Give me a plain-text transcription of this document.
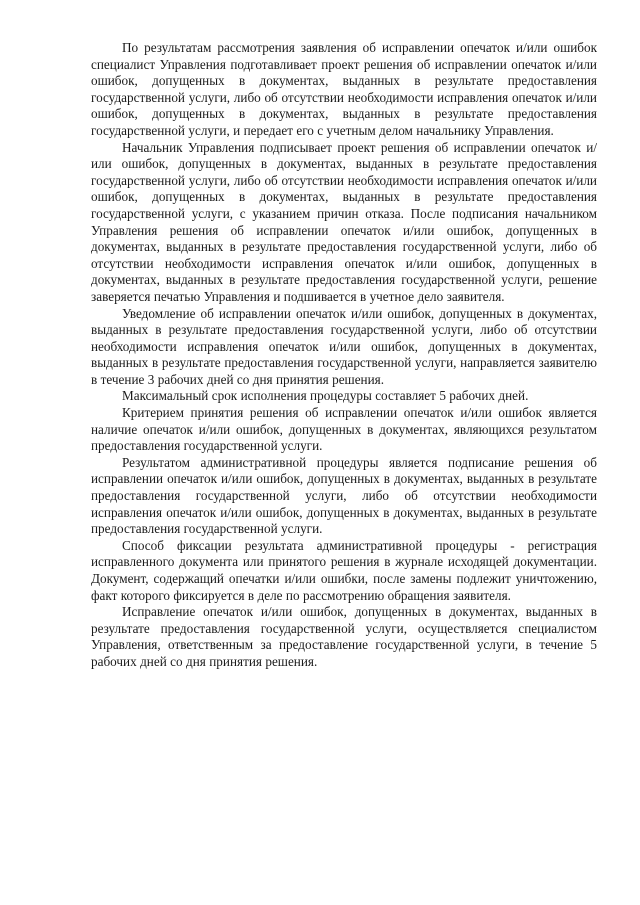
По результатам рассмотрения заявления об исправлении опечаток и/или ошибок специалист Управления подготавливает проект решения об исправлении опечаток и/или ошибок, допущенных в документах, выданных в результате предоставления государственной услуги, либо об отсутствии необходимости исправления опечаток и/или ошибок, допущенных в документах, выданных в результате предоставления государственной услуги, и передает его с учетным делом начальнику Управления.

Начальник Управления подписывает проект решения об исправлении опечаток и/или ошибок, допущенных в документах, выданных в результате предоставления государственной услуги, либо об отсутствии необходимости исправления опечаток и/или ошибок, допущенных в документах, выданных в результате предоставления государственной услуги, с указанием причин отказа. После подписания начальником Управления решения об исправлении опечаток и/или ошибок, допущенных в документах, выданных в результате предоставления государственной услуги, либо об отсутствии необходимости исправления опечаток и/или ошибок, допущенных в документах, выданных в результате предоставления государственной услуги, решение заверяется печатью Управления и подшивается в учетное дело заявителя.

Уведомление об исправлении опечаток и/или ошибок, допущенных в документах, выданных в результате предоставления государственной услуги, либо об отсутствии необходимости исправления опечаток и/или ошибок, допущенных в документах, выданных в результате предоставления государственной услуги, направляется заявителю в течение 3 рабочих дней со дня принятия решения.

Максимальный срок исполнения процедуры составляет 5 рабочих дней.

Критерием принятия решения об исправлении опечаток и/или ошибок является наличие опечаток и/или ошибок, допущенных в документах, являющихся результатом предоставления государственной услуги.

Результатом административной процедуры является подписание решения об исправлении опечаток и/или ошибок, допущенных в документах, выданных в результате предоставления государственной услуги, либо об отсутствии необходимости исправления опечаток и/или ошибок, допущенных в документах, выданных в результате предоставления государственной услуги.

Способ фиксации результата административной процедуры - регистрация исправленного документа или принятого решения в журнале исходящей документации. Документ, содержащий опечатки и/или ошибки, после замены подлежит уничтожению, факт которого фиксируется в деле по рассмотрению обращения заявителя.

Исправление опечаток и/или ошибок, допущенных в документах, выданных в результате предоставления государственной услуги, осуществляется специалистом Управления, ответственным за предоставление государственной услуги, в течение 5 рабочих дней со дня принятия решения.
